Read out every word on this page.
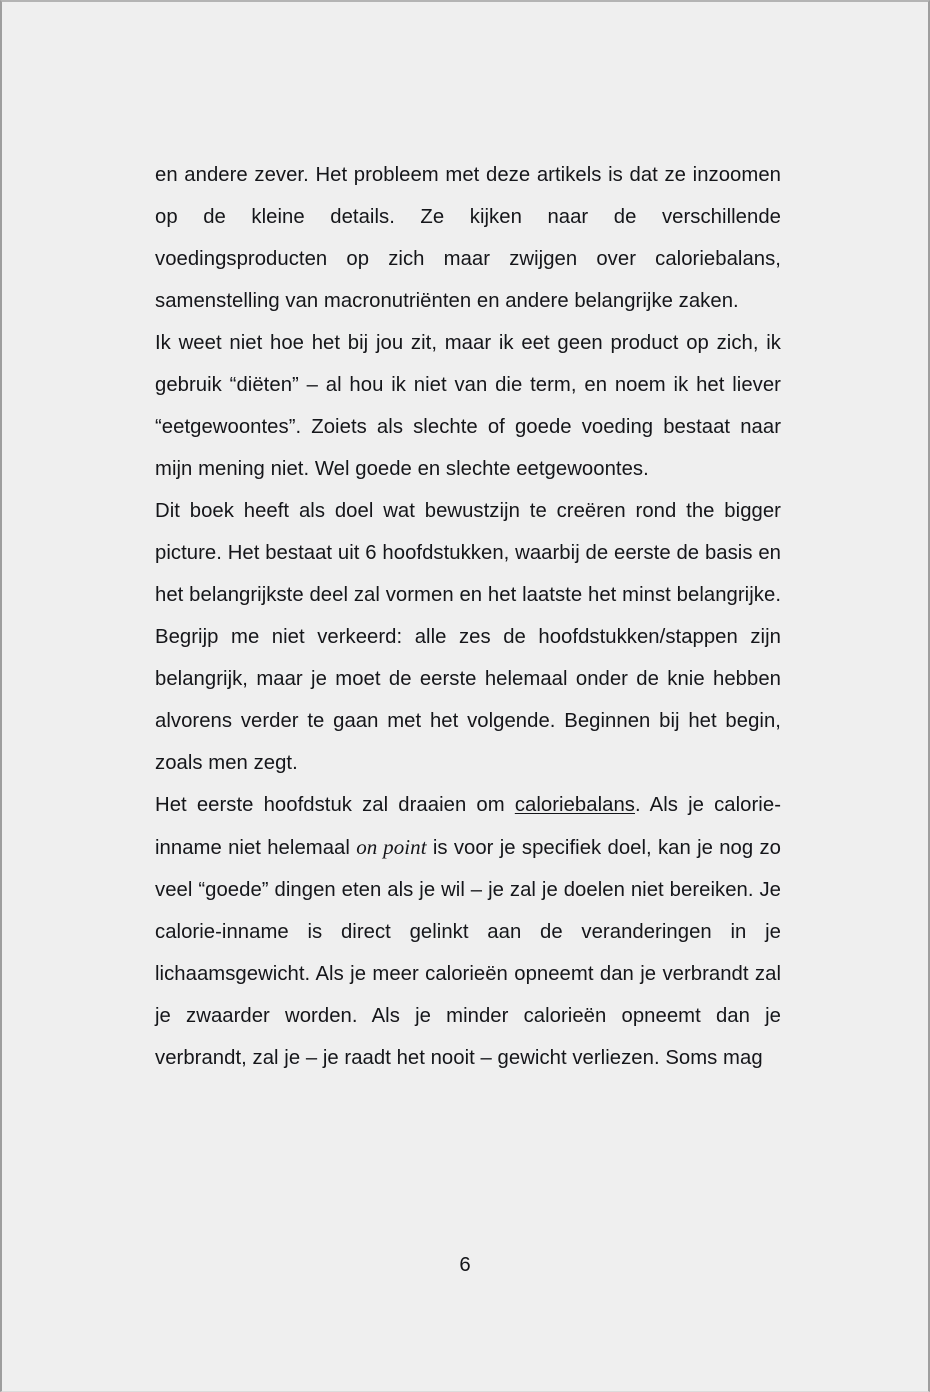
en andere zever. Het probleem met deze artikels is dat ze inzoomen op de kleine details. Ze kijken naar de verschillende voedingsproducten op zich maar zwijgen over caloriebalans, samenstelling van macronutriënten en andere belangrijke zaken.

Ik weet niet hoe het bij jou zit, maar ik eet geen product op zich, ik gebruik “diëten” – al hou ik niet van die term, en noem ik het liever “eetgewoontes”. Zoiets als slechte of goede voeding bestaat naar mijn mening niet. Wel goede en slechte eetgewoontes.

Dit boek heeft als doel wat bewustzijn te creëren rond the bigger picture. Het bestaat uit 6 hoofdstukken, waarbij de eerste de basis en het belangrijkste deel zal vormen en het laatste het minst belangrijke. Begrijp me niet verkeerd: alle zes de hoofdstukken/stappen zijn belangrijk, maar je moet de eerste helemaal onder de knie hebben alvorens verder te gaan met het volgende. Beginnen bij het begin, zoals men zegt.

Het eerste hoofdstuk zal draaien om caloriebalans. Als je calorie-inname niet helemaal on point is voor je specifiek doel, kan je nog zo veel “goede” dingen eten als je wil – je zal je doelen niet bereiken. Je calorie-inname is direct gelinkt aan de veranderingen in je lichaamsgewicht. Als je meer calorieën opneemt dan je verbrandt zal je zwaarder worden. Als je minder calorieën opneemt dan je verbrandt, zal je – je raadt het nooit – gewicht verliezen. Soms mag

6
